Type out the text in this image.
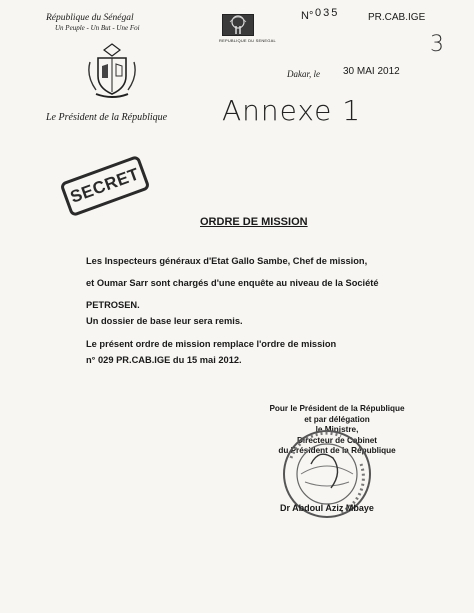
République du Sénégal
Un Peuple - Un But - Une Foi
Le Président de la République
REPUBLIQUE DU SENEGAL
N° 035	PR.CAB.IGE
3
Dakar, le 30 MAI 2012
Annexe 1
SECRET
ORDRE DE MISSION
Les Inspecteurs généraux d'Etat Gallo Sambe, Chef de mission,
et Oumar Sarr sont chargés d'une enquête au niveau de la Société
PETROSEN.
Un dossier de base leur sera remis.
Le présent ordre de mission remplace l'ordre de mission
n° 029 PR.CAB.IGE du 15 mai 2012.
Pour le Président de la République
et par délégation
le Ministre,
Directeur de Cabinet
du Président de la République
Dr Abdoul Aziz Mbaye
